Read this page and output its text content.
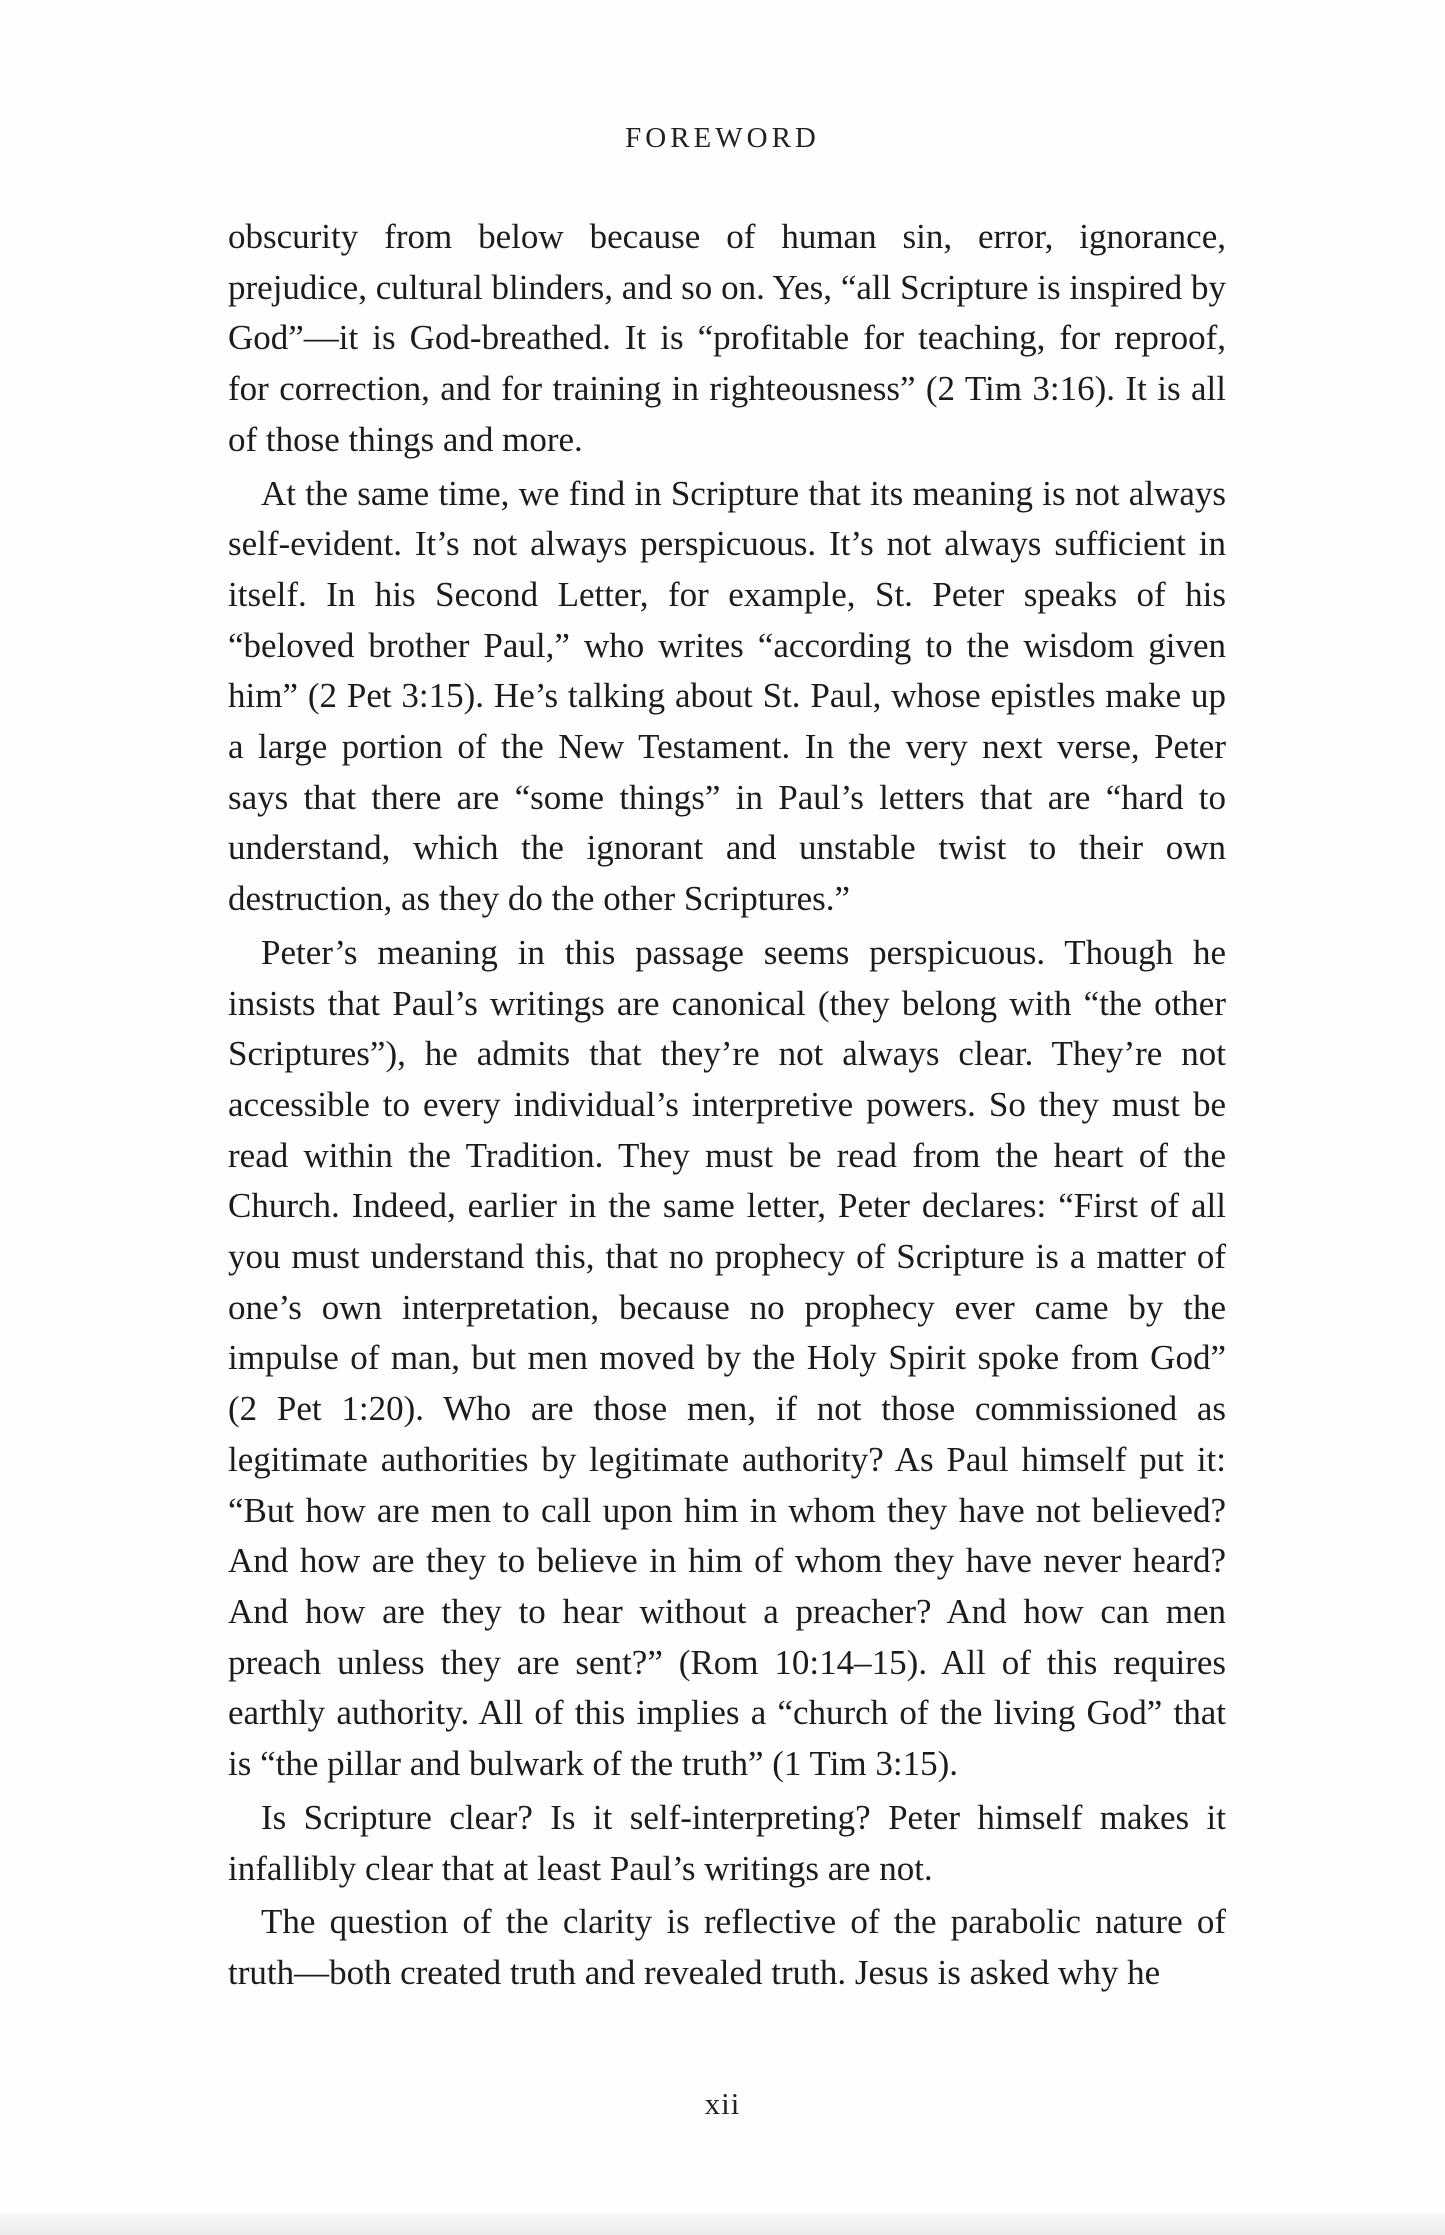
FOREWORD

obscurity from below because of human sin, error, ignorance, prejudice, cultural blinders, and so on. Yes, “all Scripture is inspired by God”—it is God-breathed. It is “profitable for teaching, for reproof, for correction, and for training in righteousness” (2 Tim 3:16). It is all of those things and more.

At the same time, we find in Scripture that its meaning is not always self-evident. It’s not always perspicuous. It’s not always sufficient in itself. In his Second Letter, for example, St. Peter speaks of his “beloved brother Paul,” who writes “according to the wisdom given him” (2 Pet 3:15). He’s talking about St. Paul, whose epistles make up a large portion of the New Testament. In the very next verse, Peter says that there are “some things” in Paul’s letters that are “hard to understand, which the ignorant and unstable twist to their own destruction, as they do the other Scriptures.”

Peter’s meaning in this passage seems perspicuous. Though he insists that Paul’s writings are canonical (they belong with “the other Scriptures”), he admits that they’re not always clear. They’re not accessible to every individual’s interpretive powers. So they must be read within the Tradition. They must be read from the heart of the Church. Indeed, earlier in the same letter, Peter declares: “First of all you must understand this, that no prophecy of Scripture is a matter of one’s own interpretation, because no prophecy ever came by the impulse of man, but men moved by the Holy Spirit spoke from God” (2 Pet 1:20). Who are those men, if not those commissioned as legitimate authorities by legitimate authority? As Paul himself put it: “But how are men to call upon him in whom they have not believed? And how are they to believe in him of whom they have never heard? And how are they to hear without a preacher? And how can men preach unless they are sent?” (Rom 10:14–15). All of this requires earthly authority. All of this implies a “church of the living God” that is “the pillar and bulwark of the truth” (1 Tim 3:15).

Is Scripture clear? Is it self-interpreting? Peter himself makes it infallibly clear that at least Paul’s writings are not.

The question of the clarity is reflective of the parabolic nature of truth—both created truth and revealed truth. Jesus is asked why he

xii
